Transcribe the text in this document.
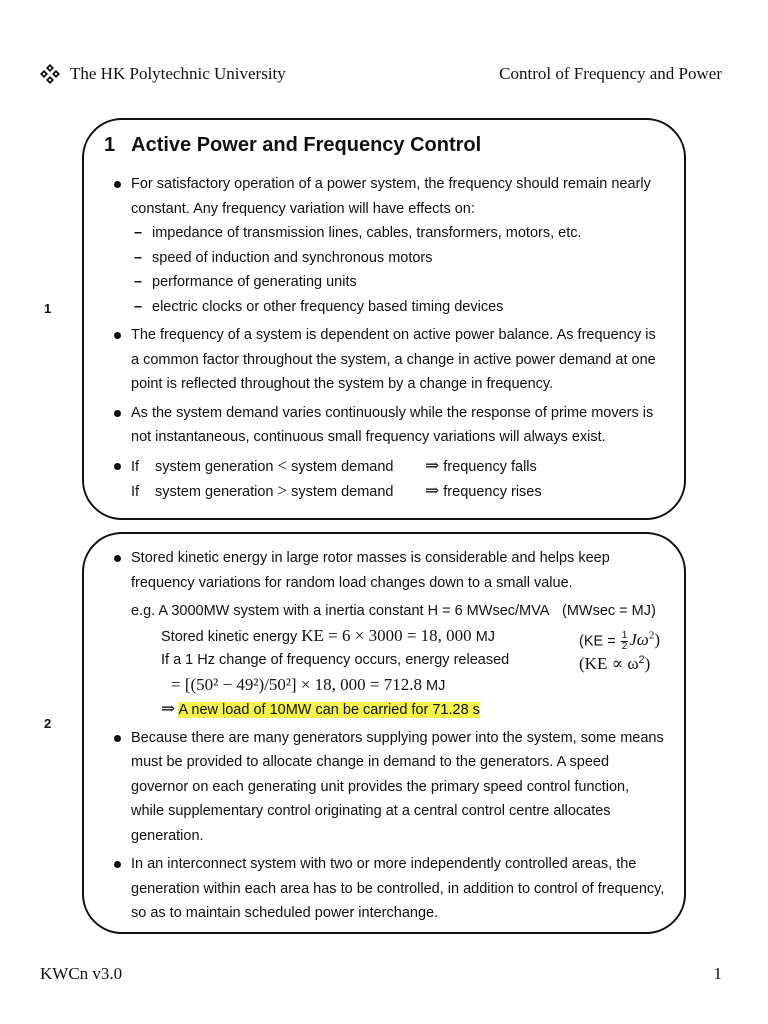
The HK Polytechnic University	Control of Frequency and Power
1
2
1 Active Power and Frequency Control
For satisfactory operation of a power system, the frequency should remain nearly constant. Any frequency variation will have effects on:
– impedance of transmission lines, cables, transformers, motors, etc.
– speed of induction and synchronous motors
– performance of generating units
– electric clocks or other frequency based timing devices
The frequency of a system is dependent on active power balance. As frequency is a common factor throughout the system, a change in active power demand at one point is reflected throughout the system by a change in frequency.
As the system demand varies continuously while the response of prime movers is not instantaneous, continuous small frequency variations will always exist.
If system generation < system demand ⇒ frequency falls
If system generation > system demand ⇒ frequency rises
Stored kinetic energy in large rotor masses is considerable and helps keep frequency variations for random load changes down to a small value.
e.g. A 3000MW system with a inertia constant H = 6 MWsec/MVA (MWsec = MJ)
Stored kinetic energy KE = 6 × 3000 = 18, 000 MJ	$(KE = \frac{1}{2} J\omega^2)$
If a 1 Hz change of frequency occurs, energy released	$(KE \propto \omega^2)$
= [(50² − 49²)/50²] × 18, 000 = 712.8 MJ
⇒ A new load of 10MW can be carried for 71.28 s
Because there are many generators supplying power into the system, some means must be provided to allocate change in demand to the generators. A speed governor on each generating unit provides the primary speed control function, while supplementary control originating at a central control centre allocates generation.
In an interconnect system with two or more independently controlled areas, the generation within each area has to be controlled, in addition to control of frequency, so as to maintain scheduled power interchange.
KWCn v3.0	1
